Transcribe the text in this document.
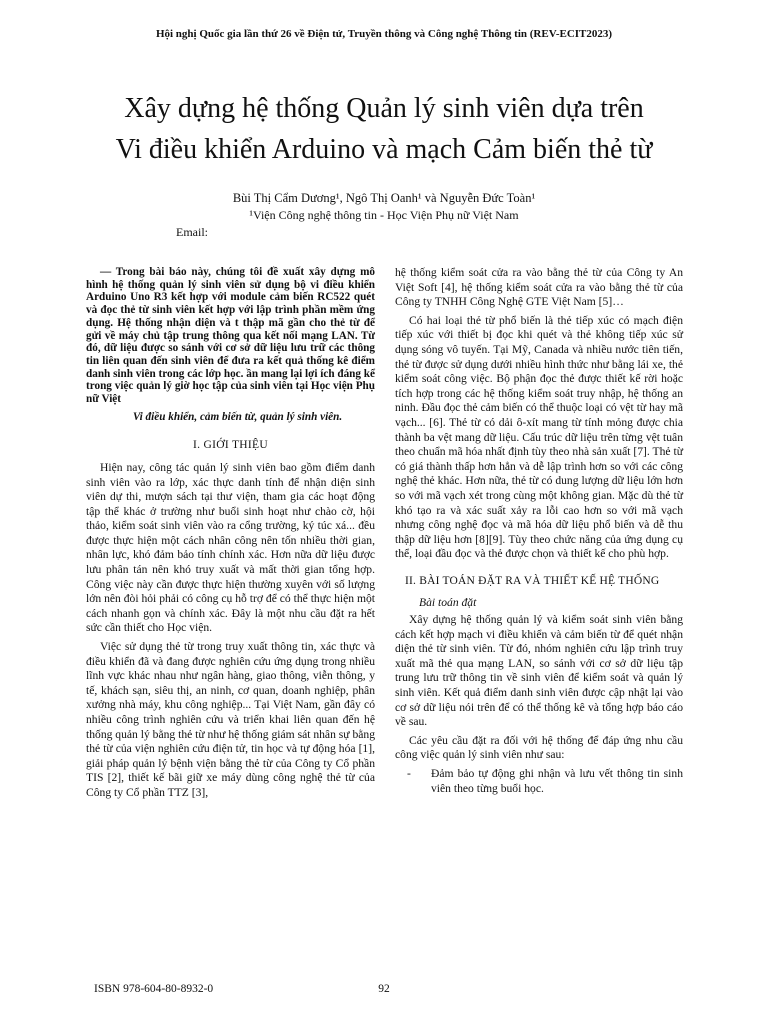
Hội nghị Quốc gia lần thứ 26 về Điện tử, Truyền thông và Công nghệ Thông tin (REV-ECIT2023)
Xây dựng hệ thống Quản lý sinh viên dựa trên
Vi điều khiển Arduino và mạch Cảm biến thẻ từ
Bùi Thị Cẩm Dương¹, Ngô Thị Oanh¹ và Nguyễn Đức Toàn¹
¹Viện Công nghệ thông tin - Học Viện Phụ nữ Việt Nam
Email:

— Trong bài báo này, chúng tôi đề xuất xây dựng mô hình hệ thống quản lý sinh viên sử dụng bộ vi điều khiển Arduino Uno R3 kết hợp với module cảm biến RC522 quét và đọc thẻ từ sinh viên kết hợp với lập trình phần mềm ứng dụng. Hệ thống nhận diện và t thập mã gần cho thẻ từ để gửi về máy chủ tập trung thông qua kết nối mạng LAN. Từ đó, dữ liệu được so sánh với cơ sở dữ liệu lưu trữ các thông tin liên quan đến sinh viên để đưa ra kết quả thống kê điểm danh sinh viên trong các lớp học. ần mang lại lợi ích đáng kể trong việc quản lý giờ học tập của sinh viên tại Học viện Phụ nữ Việt

Vi điều khiển, cảm biến từ, quản lý sinh viên.

I. GIỚI THIỆU

Hiện nay, công tác quản lý sinh viên bao gồm điểm danh sinh viên vào ra lớp, xác thực danh tính để nhận diện sinh viên dự thi, mượn sách tại thư viện, tham gia các hoạt động tập thể khác ở trường như buổi sinh hoạt như chào cờ, hội thảo, kiểm soát sinh viên vào ra cổng trường, ký túc xá... đều được thực hiện một cách nhân công nên tốn nhiều thời gian, nhân lực, khó đảm bảo tính chính xác. Hơn nữa dữ liệu được lưu phân tán nên khó truy xuất và mất thời gian tổng hợp. Công việc này cần được thực hiện thường xuyên với số lượng lớn nên đòi hỏi phải có công cụ hỗ trợ để có thể thực hiện một cách nhanh gọn và chính xác. Đây là một nhu cầu đặt ra hết sức cần thiết cho Học viện.

Việc sử dụng thẻ từ trong truy xuất thông tin, xác thực và điều khiển đã và đang được nghiên cứu ứng dụng trong nhiều lĩnh vực khác nhau như ngân hàng, giao thông, viễn thông, y tế, khách sạn, siêu thị, an ninh, cơ quan, doanh nghiệp, phân xưởng nhà máy, khu công nghiệp... Tại Việt Nam, gần đây có nhiều công trình nghiên cứu và triển khai liên quan đến hệ thống quản lý bằng thẻ từ như hệ thống giám sát nhân sự bằng thẻ từ của viện nghiên cứu điện tử, tin học và tự động hóa [1], giải pháp quản lý bệnh viện bằng thẻ từ của Công ty Cổ phần TIS [2], thiết kế bãi giữ xe máy dùng công nghệ thẻ từ của Công ty Cổ phần TTZ [3],

hệ thống kiểm soát cửa ra vào bằng thẻ từ của Công ty An Việt Soft [4], hệ thống kiểm soát cửa ra vào bằng thẻ từ của Công ty TNHH Công Nghệ GTE Việt Nam [5]…

Có hai loại thẻ từ phổ biến là thẻ tiếp xúc có mạch điện tiếp xúc với thiết bị đọc khi quét và thẻ không tiếp xúc sử dụng sóng vô tuyến. Tại Mỹ, Canada và nhiều nước tiên tiến, thẻ từ được sử dụng dưới nhiều hình thức như bằng lái xe, thẻ kiểm soát công việc. Bộ phận đọc thẻ được thiết kế rời hoặc tích hợp trong các hệ thống kiểm soát truy nhập, hệ thống an ninh. Đầu đọc thẻ cảm biến có thể thuộc loại có vệt từ hay mã vạch... [6]. Thẻ từ có dải ô-xít mang từ tính mỏng được chia thành ba vệt mang dữ liệu. Cấu trúc dữ liệu trên từng vệt tuân theo chuẩn mã hóa nhất định tùy theo nhà sản xuất [7]. Thẻ từ có giá thành thấp hơn hẳn và dễ lập trình hơn so với các công nghệ thẻ khác. Hơn nữa, thẻ từ có dung lượng dữ liệu lớn hơn so với mã vạch xét trong cùng một không gian. Mặc dù thẻ từ khó tạo ra và xác suất xảy ra lỗi cao hơn so với mã vạch nhưng công nghệ đọc và mã hóa dữ liệu phổ biến và dễ thu thập dữ liệu hơn [8][9]. Tùy theo chức năng của ứng dụng cụ thể, loại đầu đọc và thẻ được chọn và thiết kế cho phù hợp.

II. BÀI TOÁN ĐẶT RA VÀ THIẾT KẾ HỆ THỐNG
Bài toán đặt

Xây dựng hệ thống quản lý và kiểm soát sinh viên bằng cách kết hợp mạch vi điều khiển và cảm biến từ để quét nhận diện thẻ từ sinh viên. Từ đó, nhóm nghiên cứu lập trình truy xuất mã thẻ qua mạng LAN, so sánh với cơ sở dữ liệu tập trung lưu trữ thông tin về sinh viên để kiểm soát và quản lý sinh viên. Kết quả điểm danh sinh viên được cập nhật lại vào cơ sở dữ liệu nói trên để có thể thống kê và tổng hợp báo cáo về sau.

Các yêu cầu đặt ra đối với hệ thống để đáp ứng nhu cầu công việc quản lý sinh viên như sau:

-	Đảm bảo tự động ghi nhận và lưu vết thông tin sinh viên theo từng buổi học.
ISBN 978-604-80-8932-0	92
